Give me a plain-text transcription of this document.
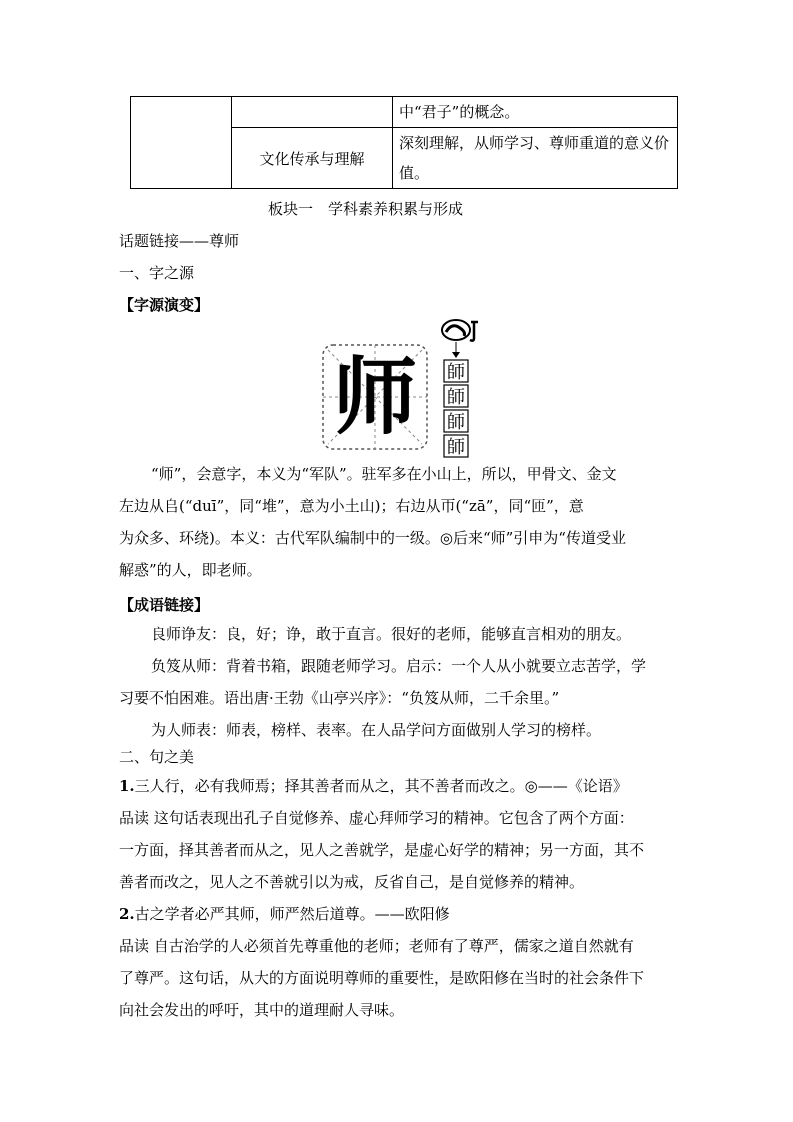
		中“君子”的概念。
	文化传承与理解	深刻理解，从师学习、尊师重道的意义价值。
板块一　学科素养积累与形成
话题链接——尊师
一、字之源
【字源演变】
师 師
師
師
師

“师”，会意字，本义为“军队”。驻军多在小山上，所以，甲骨文、金文

左边从𠂤(“duī”，同“堆”，意为小土山)；右边从帀(“zā”，同“匝”，意

为众多、环绕)。本义：古代军队编制中的一级。◎后来“师”引申为“传道受业

解惑”的人，即老师。

【成语链接】

良师诤友：良，好；诤，敢于直言。很好的老师，能够直言相劝的朋友。

负笈从师：背着书箱，跟随老师学习。启示：一个人从小就要立志苦学，学

习要不怕困难。语出唐·王勃《山亭兴序》：“负笈从师，二千余里。”

为人师表：师表，榜样、表率。在人品学问方面做别人学习的榜样。

二、句之美

1.三人行，必有我师焉；择其善者而从之，其不善者而改之。◎——《论语》

品读 这句话表现出孔子自觉修养、虚心拜师学习的精神。它包含了两个方面：

一方面，择其善者而从之，见人之善就学，是虚心好学的精神；另一方面，其不

善者而改之，见人之不善就引以为戒，反省自己，是自觉修养的精神。

2.古之学者必严其师，师严然后道尊。——欧阳修

品读 自古治学的人必须首先尊重他的老师；老师有了尊严，儒家之道自然就有

了尊严。这句话，从大的方面说明尊师的重要性，是欧阳修在当时的社会条件下

向社会发出的呼吁，其中的道理耐人寻味。
